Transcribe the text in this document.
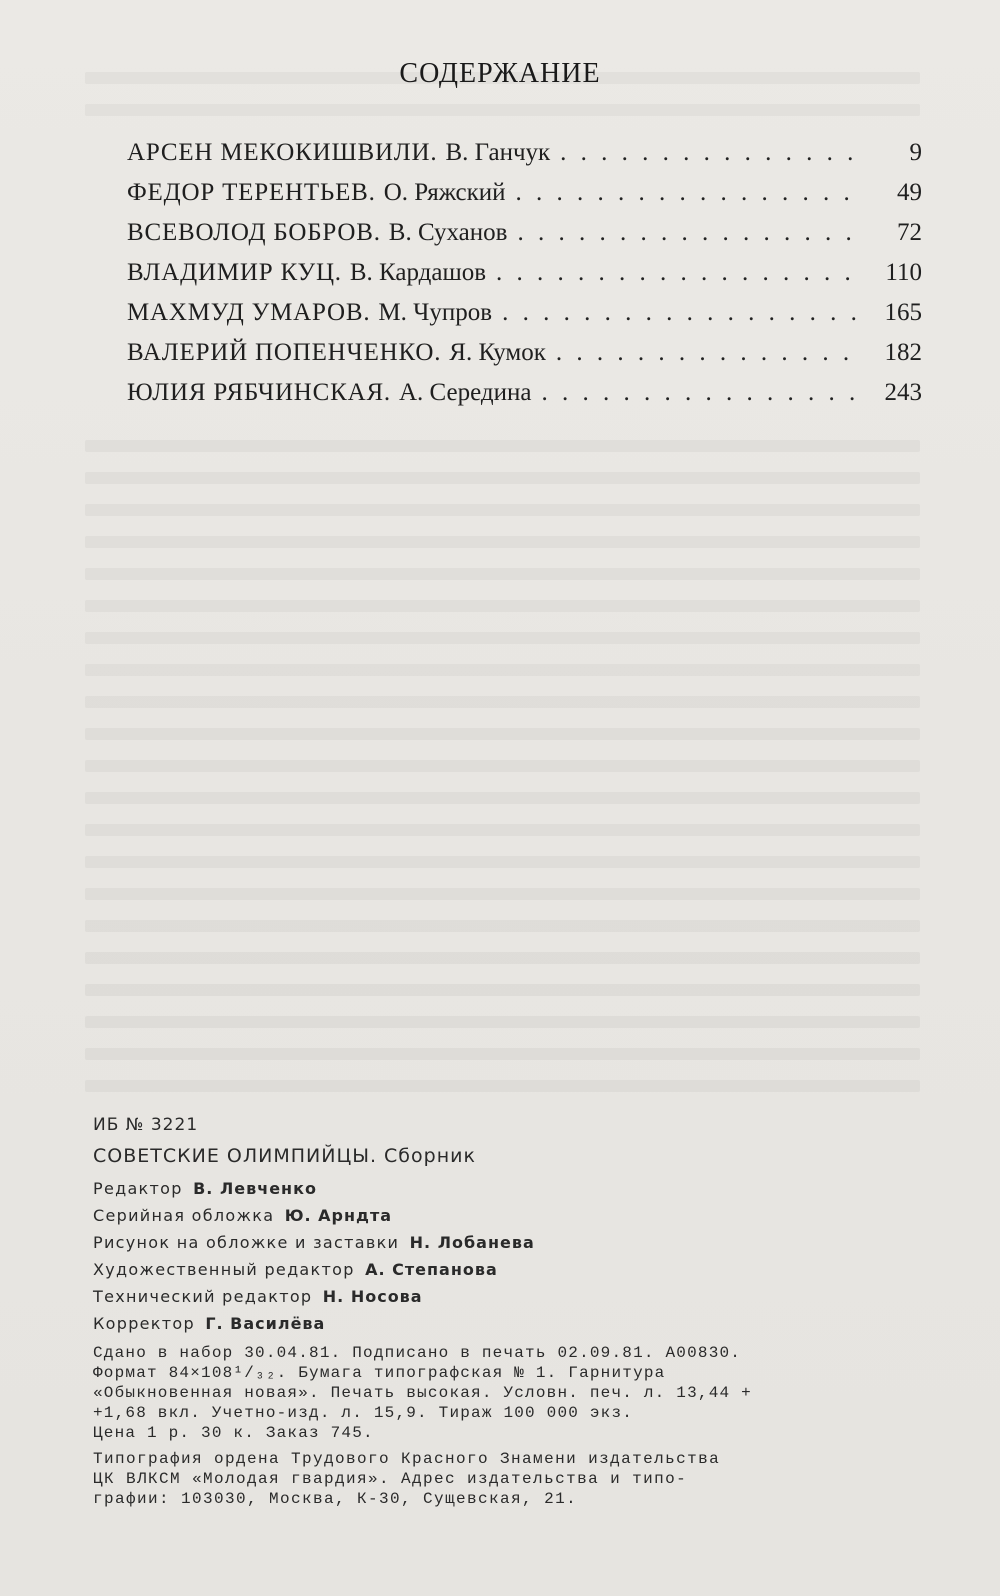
СОДЕРЖАНИЕ
АРСЕН МЕКОКИШВИЛИ. В. Ганчук . . .	9
ФЕДОР ТЕРЕНТЬЕВ. О. Ряжский . . .	49
ВСЕВОЛОД БОБРОВ. В. Суханов . . .	72
ВЛАДИМИР КУЦ. В. Кардашов . . .	110
МАХМУД УМАРОВ. М. Чупров . . .	165
ВАЛЕРИЙ ПОПЕНЧЕНКО. Я. Кумок . . .	182
ЮЛИЯ РЯБЧИНСКАЯ. А. Середина . . .	243
ИБ № 3221
СОВЕТСКИЕ ОЛИМПИЙЦЫ. Сборник
Редактор В. Левченко
Серийная обложка Ю. Арндта
Рисунок на обложке и заставки Н. Лобанева
Художественный редактор А. Степанова
Технический редактор Н. Носова
Корректор Г. Василёва
Сдано в набор 30.04.81. Подписано в печать 02.09.81. А00830.
Формат 84×108¹/₃₂. Бумага типографская № 1. Гарнитура
«Обыкновенная новая». Печать высокая. Условн. печ. л. 13,44 +
+1,68 вкл. Учетно-изд. л. 15,9. Тираж 100 000 экз.
Цена 1 р. 30 к. Заказ 745.
Типография ордена Трудового Красного Знамени издательства
ЦК ВЛКСМ «Молодая гвардия». Адрес издательства и типо-
графии: 103030, Москва, К-30, Сущевская, 21.
